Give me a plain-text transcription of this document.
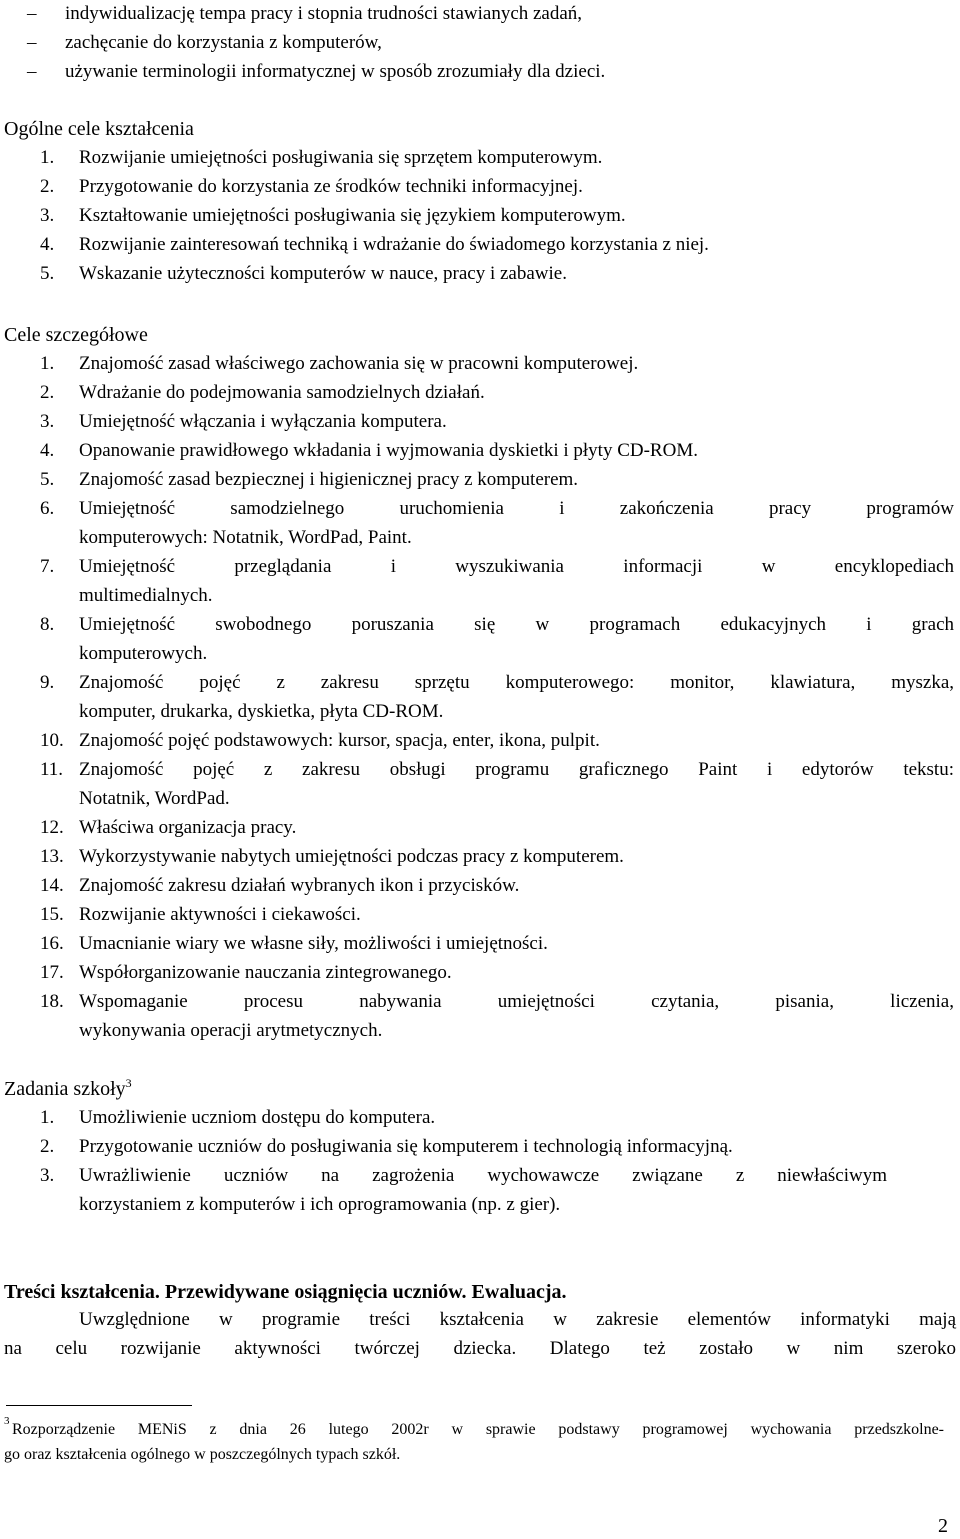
– indywidualizację tempa pracy i stopnia trudności stawianych zadań,
– zachęcanie do korzystania z komputerów,
– używanie terminologii informatycznej w sposób zrozumiały dla dzieci.
Ogólne cele kształcenia
1. Rozwijanie umiejętności posługiwania się sprzętem komputerowym.
2. Przygotowanie do korzystania ze środków techniki informacyjnej.
3. Kształtowanie umiejętności posługiwania się językiem komputerowym.
4. Rozwijanie zainteresowań techniką i wdrażanie do świadomego korzystania z niej.
5. Wskazanie użyteczności komputerów w nauce, pracy i zabawie.
Cele szczegółowe
1. Znajomość zasad właściwego zachowania się w pracowni komputerowej.
2. Wdrażanie do podejmowania samodzielnych działań.
3. Umiejętność włączania i wyłączania komputera.
4. Opanowanie prawidłowego wkładania i wyjmowania dyskietki i płyty CD-ROM.
5. Znajomość zasad bezpiecznej i higienicznej pracy z komputerem.
6. Umiejętność samodzielnego uruchomienia i zakończenia pracy programów
komputerowych: Notatnik, WordPad, Paint.
7. Umiejętność przeglądania i wyszukiwania informacji w encyklopediach
multimedialnych.
8. Umiejętność swobodnego poruszania się w programach edukacyjnych i grach
komputerowych.
9. Znajomość pojęć z zakresu sprzętu komputerowego: monitor, klawiatura, myszka,
komputer, drukarka, dyskietka, płyta CD-ROM.
10. Znajomość pojęć podstawowych: kursor, spacja, enter, ikona, pulpit.
11. Znajomość pojęć z zakresu obsługi programu graficznego Paint i edytorów tekstu:
Notatnik, WordPad.
12. Właściwa organizacja pracy.
13. Wykorzystywanie nabytych umiejętności podczas pracy z komputerem.
14. Znajomość zakresu działań wybranych ikon i przycisków.
15. Rozwijanie aktywności i ciekawości.
16. Umacnianie wiary we własne siły, możliwości i umiejętności.
17. Współorganizowanie nauczania zintegrowanego.
18. Wspomaganie procesu nabywania umiejętności czytania, pisania, liczenia,
wykonywania operacji arytmetycznych.
Zadania szkoły$^3$
1. Umożliwienie uczniom dostępu do komputera.
2. Przygotowanie uczniów do posługiwania się komputerem i technologią informacyjną.
3. Uwrażliwienie uczniów na zagrożenia wychowawcze związane z niewłaściwym
korzystaniem z komputerów i ich oprogramowania (np. z gier).
Treści kształcenia. Przewidywane osiągnięcia uczniów. Ewaluacja.
Uwzględnione w programie treści kształcenia w zakresie elementów informatyki mają
na celu rozwijanie aktywności twórczej dziecka. Dlatego też zostało w nim szeroko
3 Rozporządzenie MENiS z dnia 26 lutego 2002r w sprawie podstawy programowej wychowania przedszkolne-
go oraz kształcenia ogólnego w poszczególnych typach szkół.
2
